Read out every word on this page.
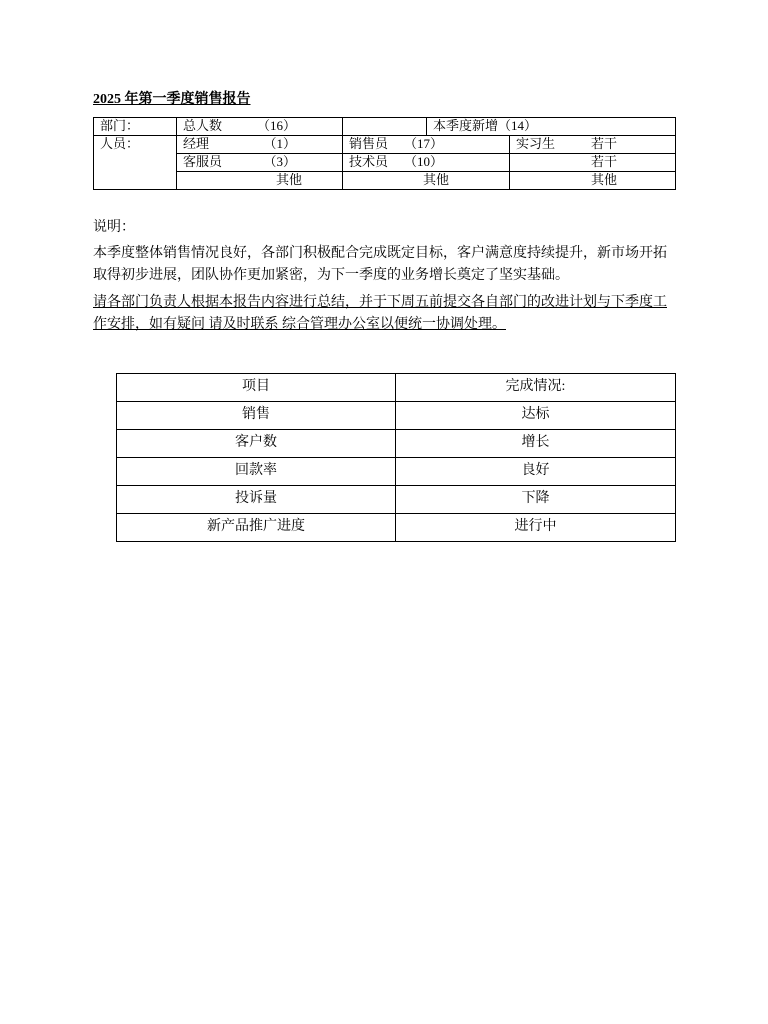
2025 年第一季度销售报告
部门：	总人数 （16）		本季度新增（14）	
人员：	经理 （1）	销售员 （17）		实习生 若干

	客服员 （3）	技术员 （10）		若干
	其他	其他		其他
说明：
本季度整体销售情况良好，各部门积极配合完成既定目标，客户满意度持续提升，新市场开拓取得初步进展，团队协作更加紧密，为下一季度的业务增长奠定了坚实基础。
请各部门负责人根据本报告内容进行总结，并于下周五前提交各自部门的改进计划与下季度工作安排，如有疑问 请及时联系 综合管理办公室以便统一协调处理。
项目	完成情况:
销售	达标
客户数	增长
回款率	良好
投诉量	下降
新产品推广进度	进行中
